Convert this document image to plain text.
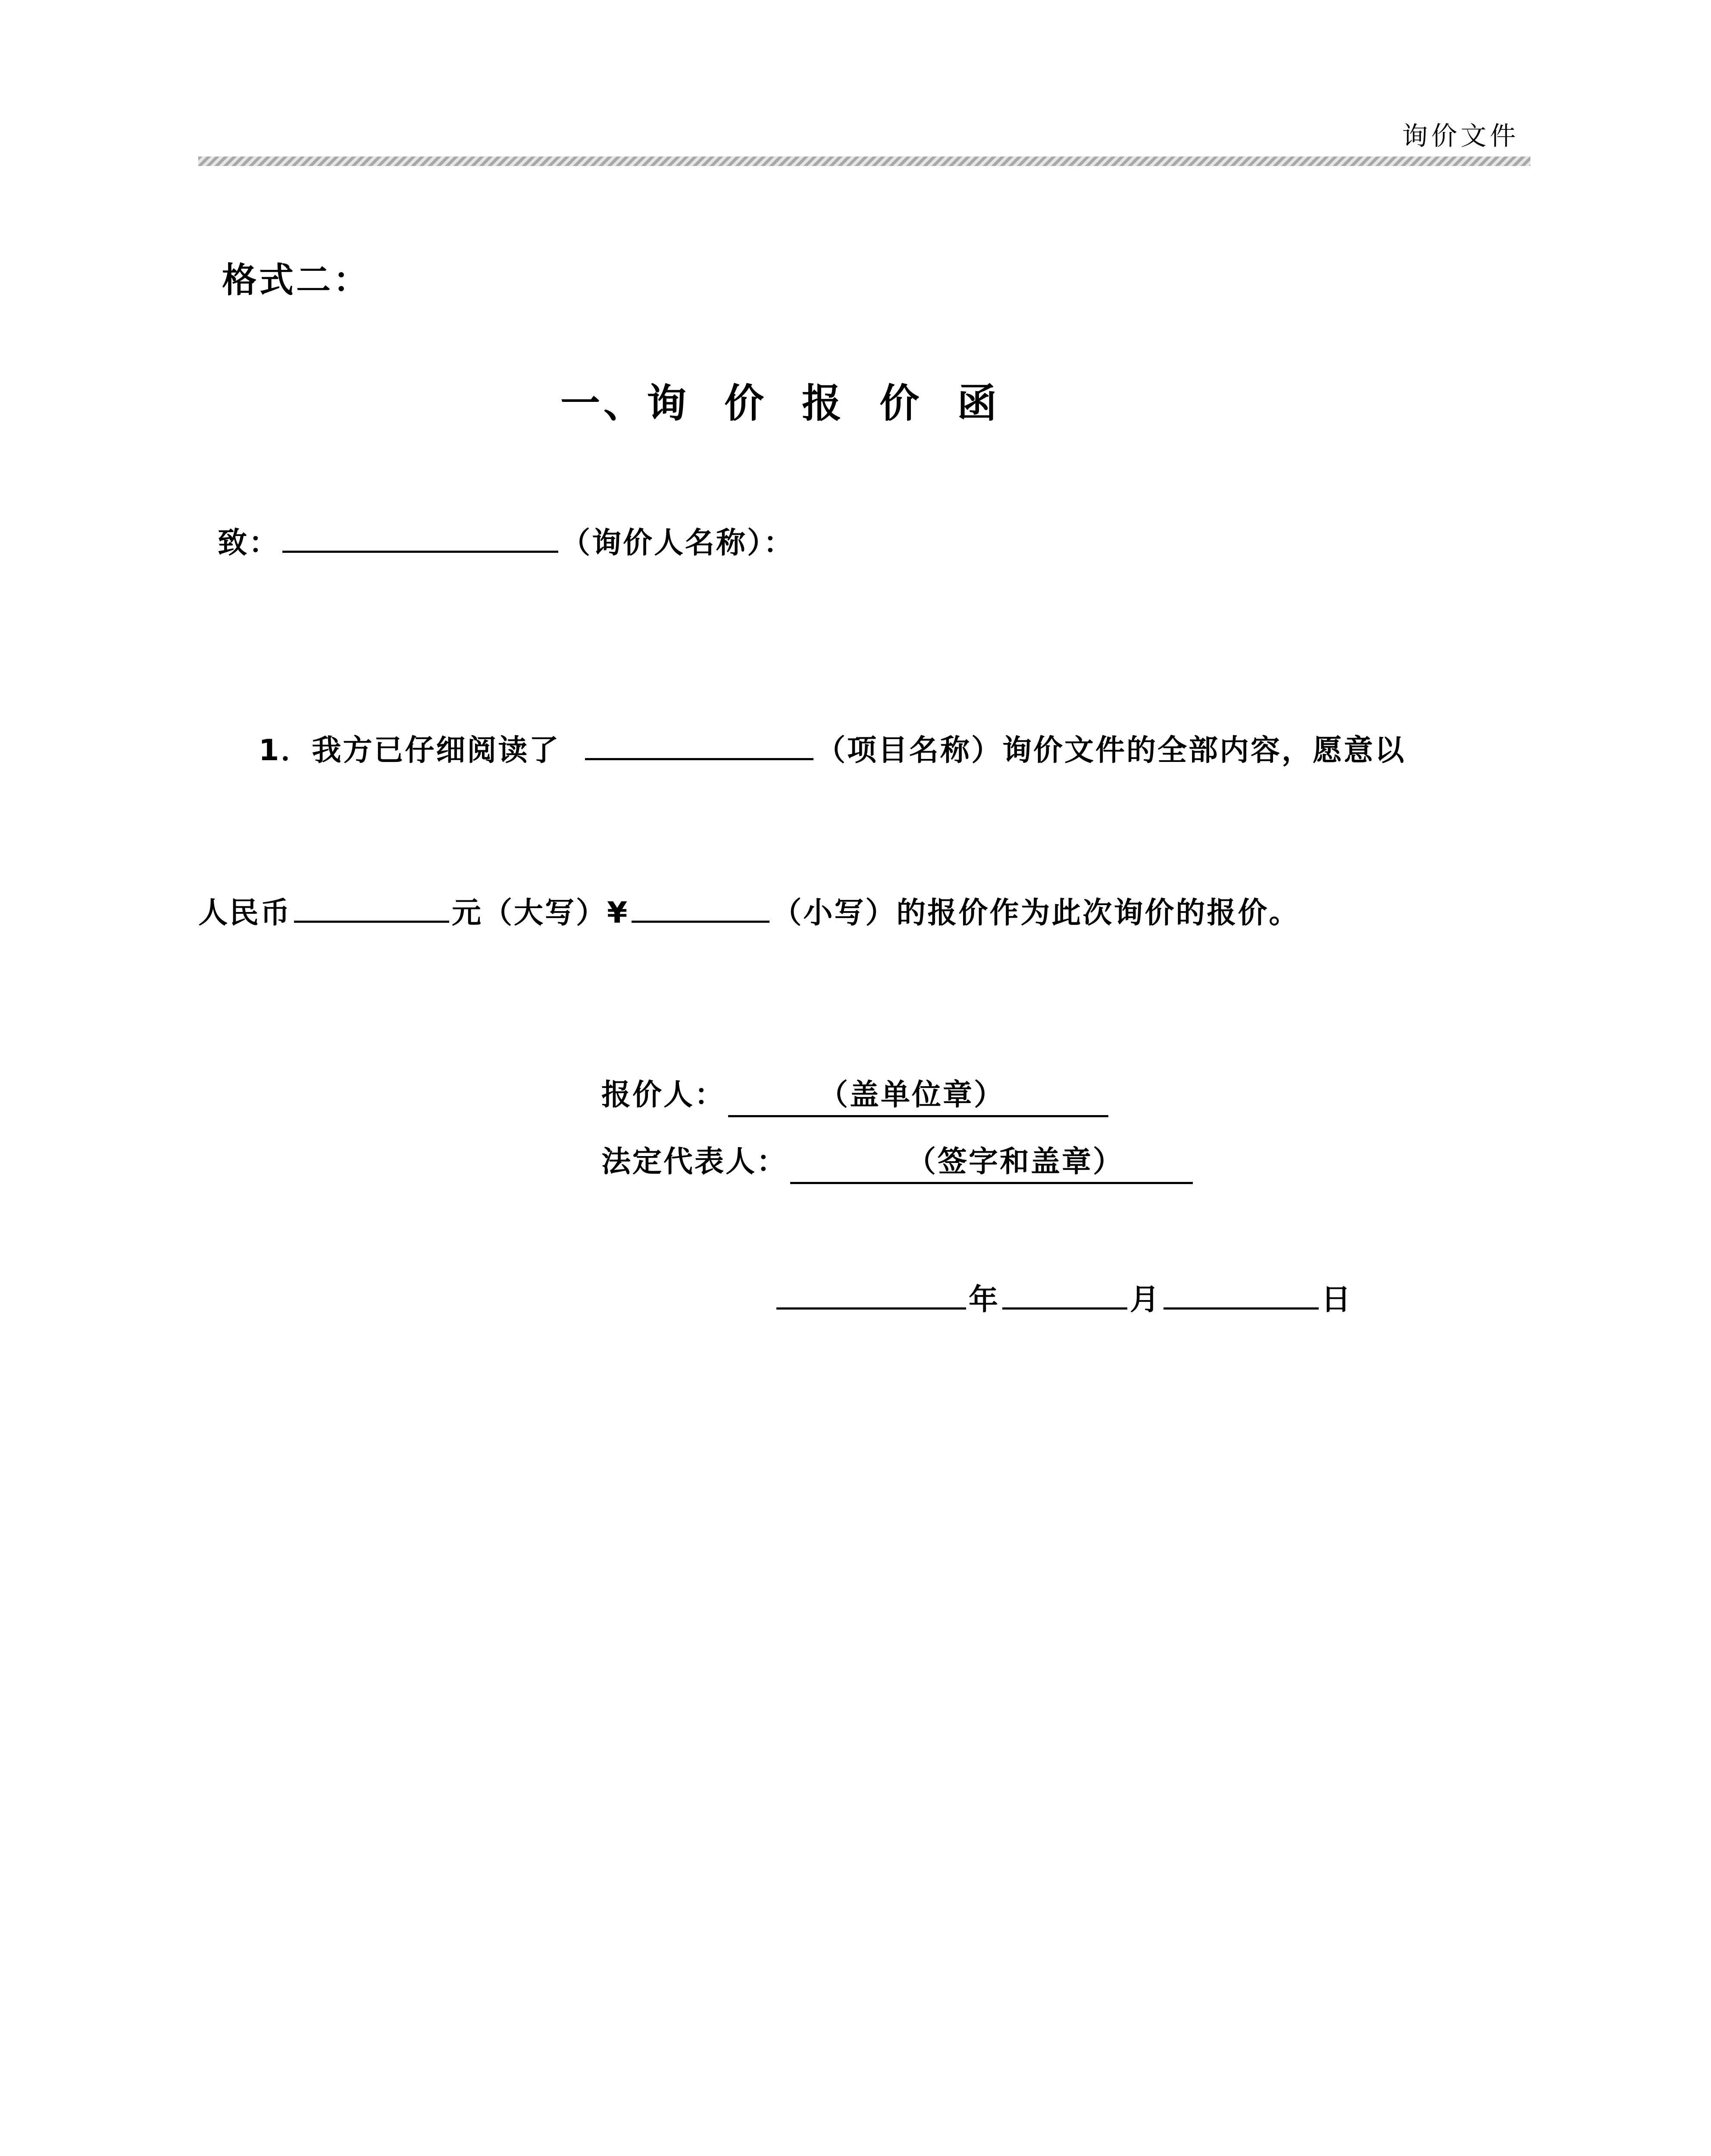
询价文件
格式二：
一、询 价 报 价 函
致：	（询价人名称）：
1．我方已仔细阅读了	（项目名称）询价文件的全部内容，愿意以
人民币	元（大写）¥	（小写）的报价作为此次询价的报价。
报价人：	（盖单位章）
法定代表人：	（签字和盖章）
年	月	日
